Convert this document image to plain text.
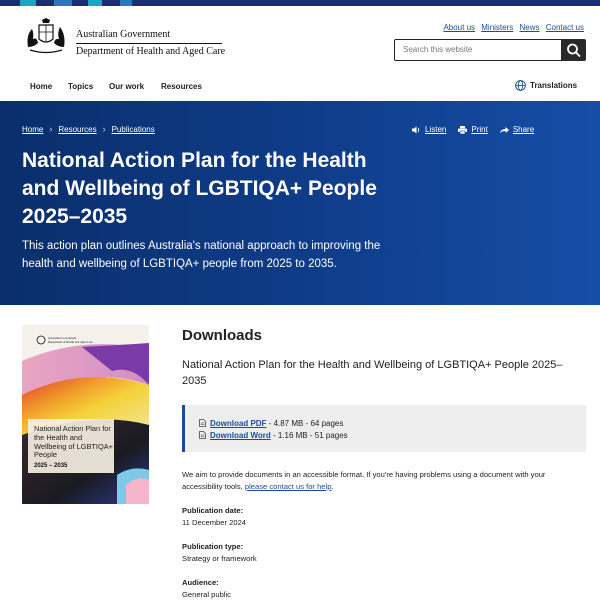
Australian Government
Department of Health and Aged Care
About us Ministers News Contact us
Search this website
Home Topics Our work Resources	Translations
Home › Resources › Publications	Listen	Print	Share
National Action Plan for the Health and Wellbeing of LGBTIQA+ People 2025–2035

This action plan outlines Australia's national approach to improving the health and wellbeing of LGBTIQA+ people from 2025 to 2035.

Australian Government
Department of Health and Aged Care
National Action Plan for the Health and Wellbeing of LGBTIQA+ People
2025 – 2035
Downloads
National Action Plan for the Health and Wellbeing of LGBTIQA+ People 2025–2035
Download PDF - 4.87 MB - 64 pages
Download Word - 1.16 MB - 51 pages
We aim to provide documents in an accessible format. If you're having problems using a document with your accessibility tools, please contact us for help.
Publication date:
11 December 2024
Publication type:
Strategy or framework
Audience:
General public
